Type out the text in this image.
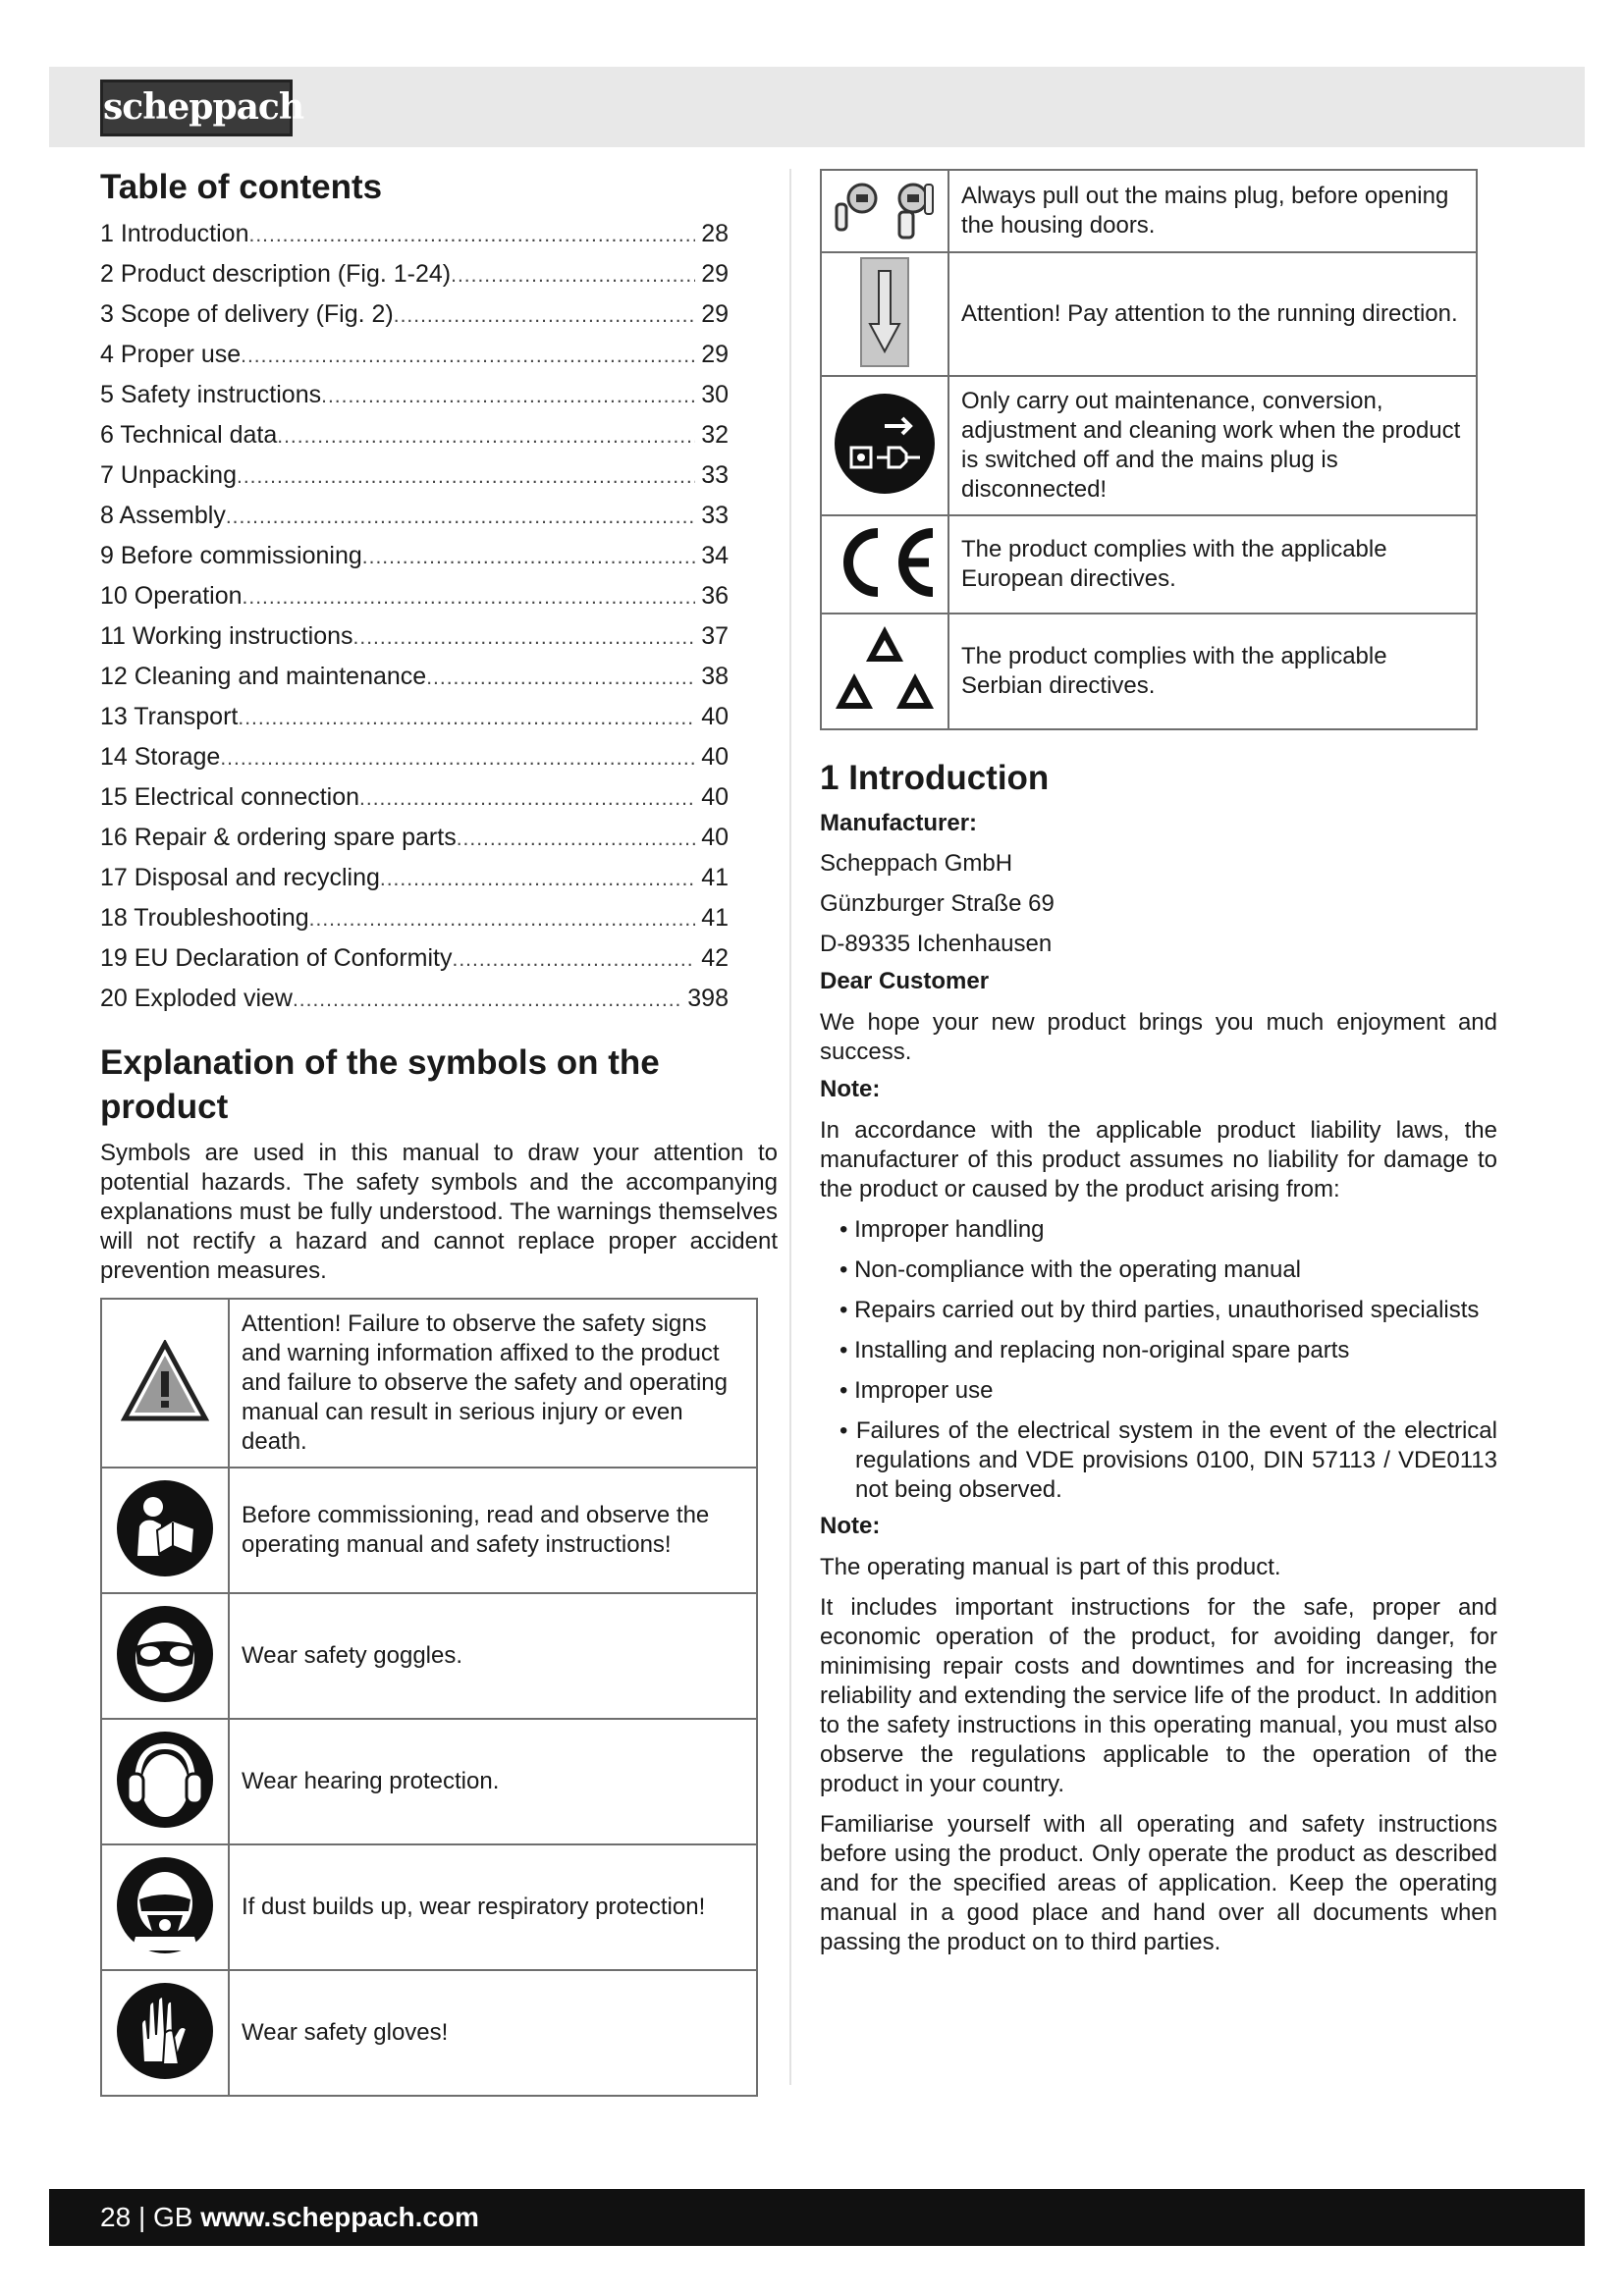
scheppach
Table of contents
1 Introduction .....	28
2 Product description (Fig. 1-24) .....	29
3 Scope of delivery (Fig. 2) .....	29
4 Proper use .....	29
5 Safety instructions .....	30
6 Technical data .....	32
7 Unpacking .....	33
8 Assembly .....	33
9 Before commissioning .....	34
10 Operation .....	36
11 Working instructions .....	37
12 Cleaning and maintenance .....	38
13 Transport .....	40
14 Storage .....	40
15 Electrical connection .....	40
16 Repair & ordering spare parts .....	40
17 Disposal and recycling .....	41
18 Troubleshooting .....	41
19 EU Declaration of Conformity .....	42
20 Exploded view .....	398
Explanation of the symbols on the product

Symbols are used in this manual to draw your attention to potential hazards. The safety symbols and the accompanying explanations must be fully understood. The warnings themselves will not rectify a hazard and cannot replace proper accident prevention measures.

	Attention! Failure to observe the safety signs and warning information affixed to the product and failure to observe the safety and operating manual can result in serious injury or even death.
	Before commissioning, read and observe the operating manual and safety instructions!
	Wear safety goggles.
	Wear hearing protection.
	If dust builds up, wear respiratory protection!
	Wear safety gloves!
	Always pull out the mains plug, before opening the housing doors.
	Attention! Pay attention to the running direction.
	Only carry out maintenance, conversion, adjustment and cleaning work when the product is switched off and the mains plug is disconnected!
	The product complies with the applicable European directives.
	The product complies with the applicable Serbian directives.
1 Introduction

Manufacturer:

Scheppach GmbH

Günzburger Straße 69

D-89335 Ichenhausen

Dear Customer

We hope your new product brings you much enjoyment and success.

Note:

In accordance with the applicable product liability laws, the manufacturer of this product assumes no liability for damage to the product or caused by the product arising from:

• Improper handling
• Non-compliance with the operating manual
• Repairs carried out by third parties, unauthorised specialists
• Installing and replacing non-original spare parts
• Improper use
• Failures of the electrical system in the event of the electrical regulations and VDE provisions 0100, DIN 57113 / VDE0113 not being observed.

Note:

The operating manual is part of this product.

It includes important instructions for the safe, proper and economic operation of the product, for avoiding danger, for minimising repair costs and downtimes and for increasing the reliability and extending the service life of the product. In addition to the safety instructions in this operating manual, you must also observe the regulations applicable to the operation of the product in your country.

Familiarise yourself with all operating and safety instructions before using the product. Only operate the product as described and for the specified areas of application. Keep the operating manual in a good place and hand over all documents when passing the product on to third parties.

28 | GB www.scheppach.com
